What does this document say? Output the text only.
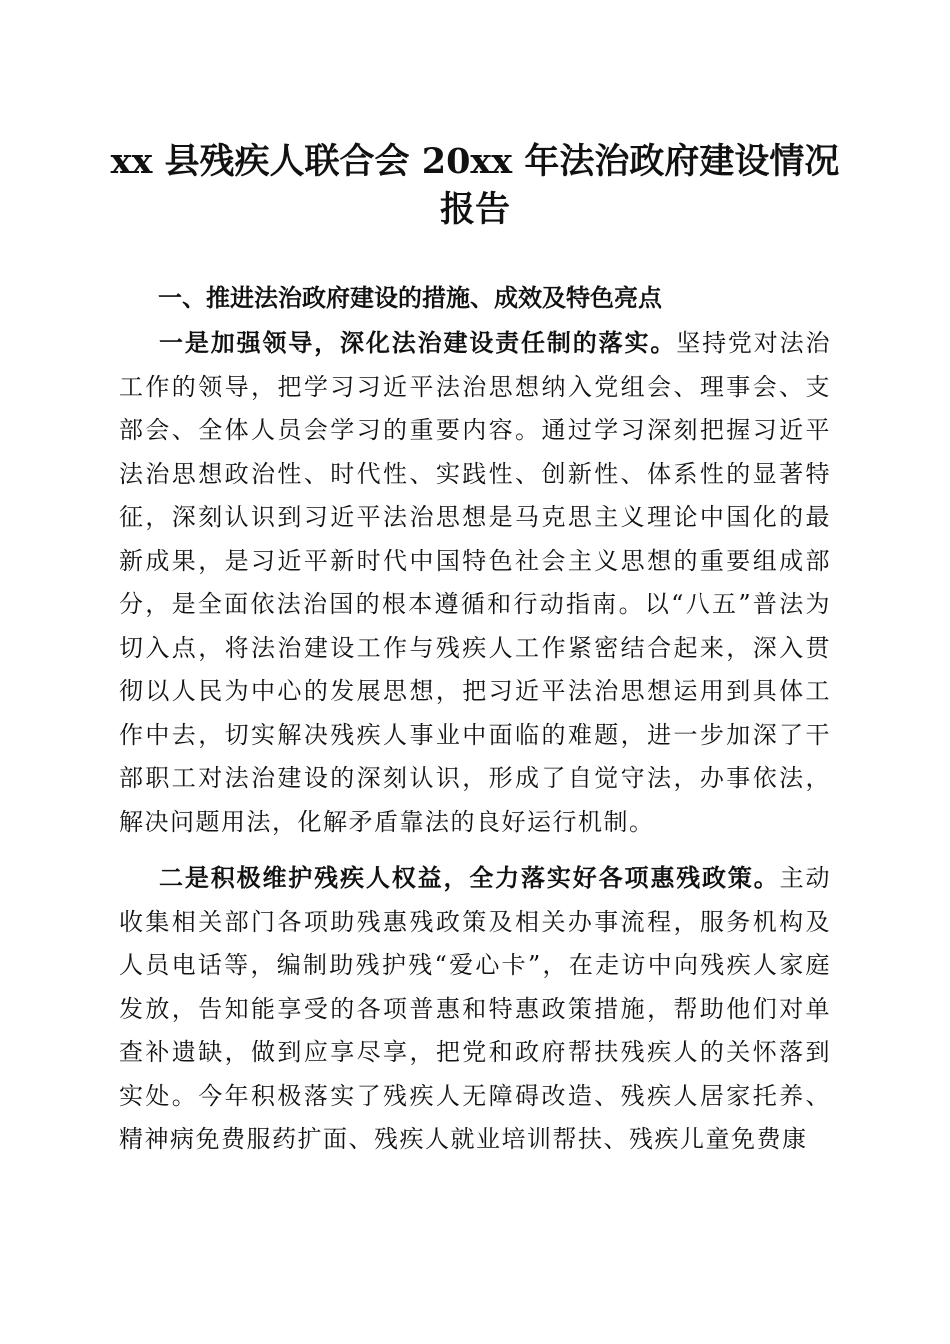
xx 县残疾人联合会 20xx 年法治政府建设情况
报告
一、推进法治政府建设的措施、成效及特色亮点

一是加强领导，深化法治建设责任制的落实。坚持党对法治工作的领导，把学习习近平法治思想纳入党组会、理事会、支部会、全体人员会学习的重要内容。通过学习深刻把握习近平法治思想政治性、时代性、实践性、创新性、体系性的显著特征，深刻认识到习近平法治思想是马克思主义理论中国化的最新成果，是习近平新时代中国特色社会主义思想的重要组成部分，是全面依法治国的根本遵循和行动指南。以“八五”普法为切入点，将法治建设工作与残疾人工作紧密结合起来，深入贯彻以人民为中心的发展思想，把习近平法治思想运用到具体工作中去，切实解决残疾人事业中面临的难题，进一步加深了干部职工对法治建设的深刻认识，形成了自觉守法，办事依法，解决问题用法，化解矛盾靠法的良好运行机制。

二是积极维护残疾人权益，全力落实好各项惠残政策。主动收集相关部门各项助残惠残政策及相关办事流程，服务机构及人员电话等，编制助残护残“爱心卡”，在走访中向残疾人家庭发放，告知能享受的各项普惠和特惠政策措施，帮助他们对单查补遗缺，做到应享尽享，把党和政府帮扶残疾人的关怀落到实处。今年积极落实了残疾人无障碍改造、残疾人居家托养、精神病免费服药扩面、残疾人就业培训帮扶、残疾儿童免费康
